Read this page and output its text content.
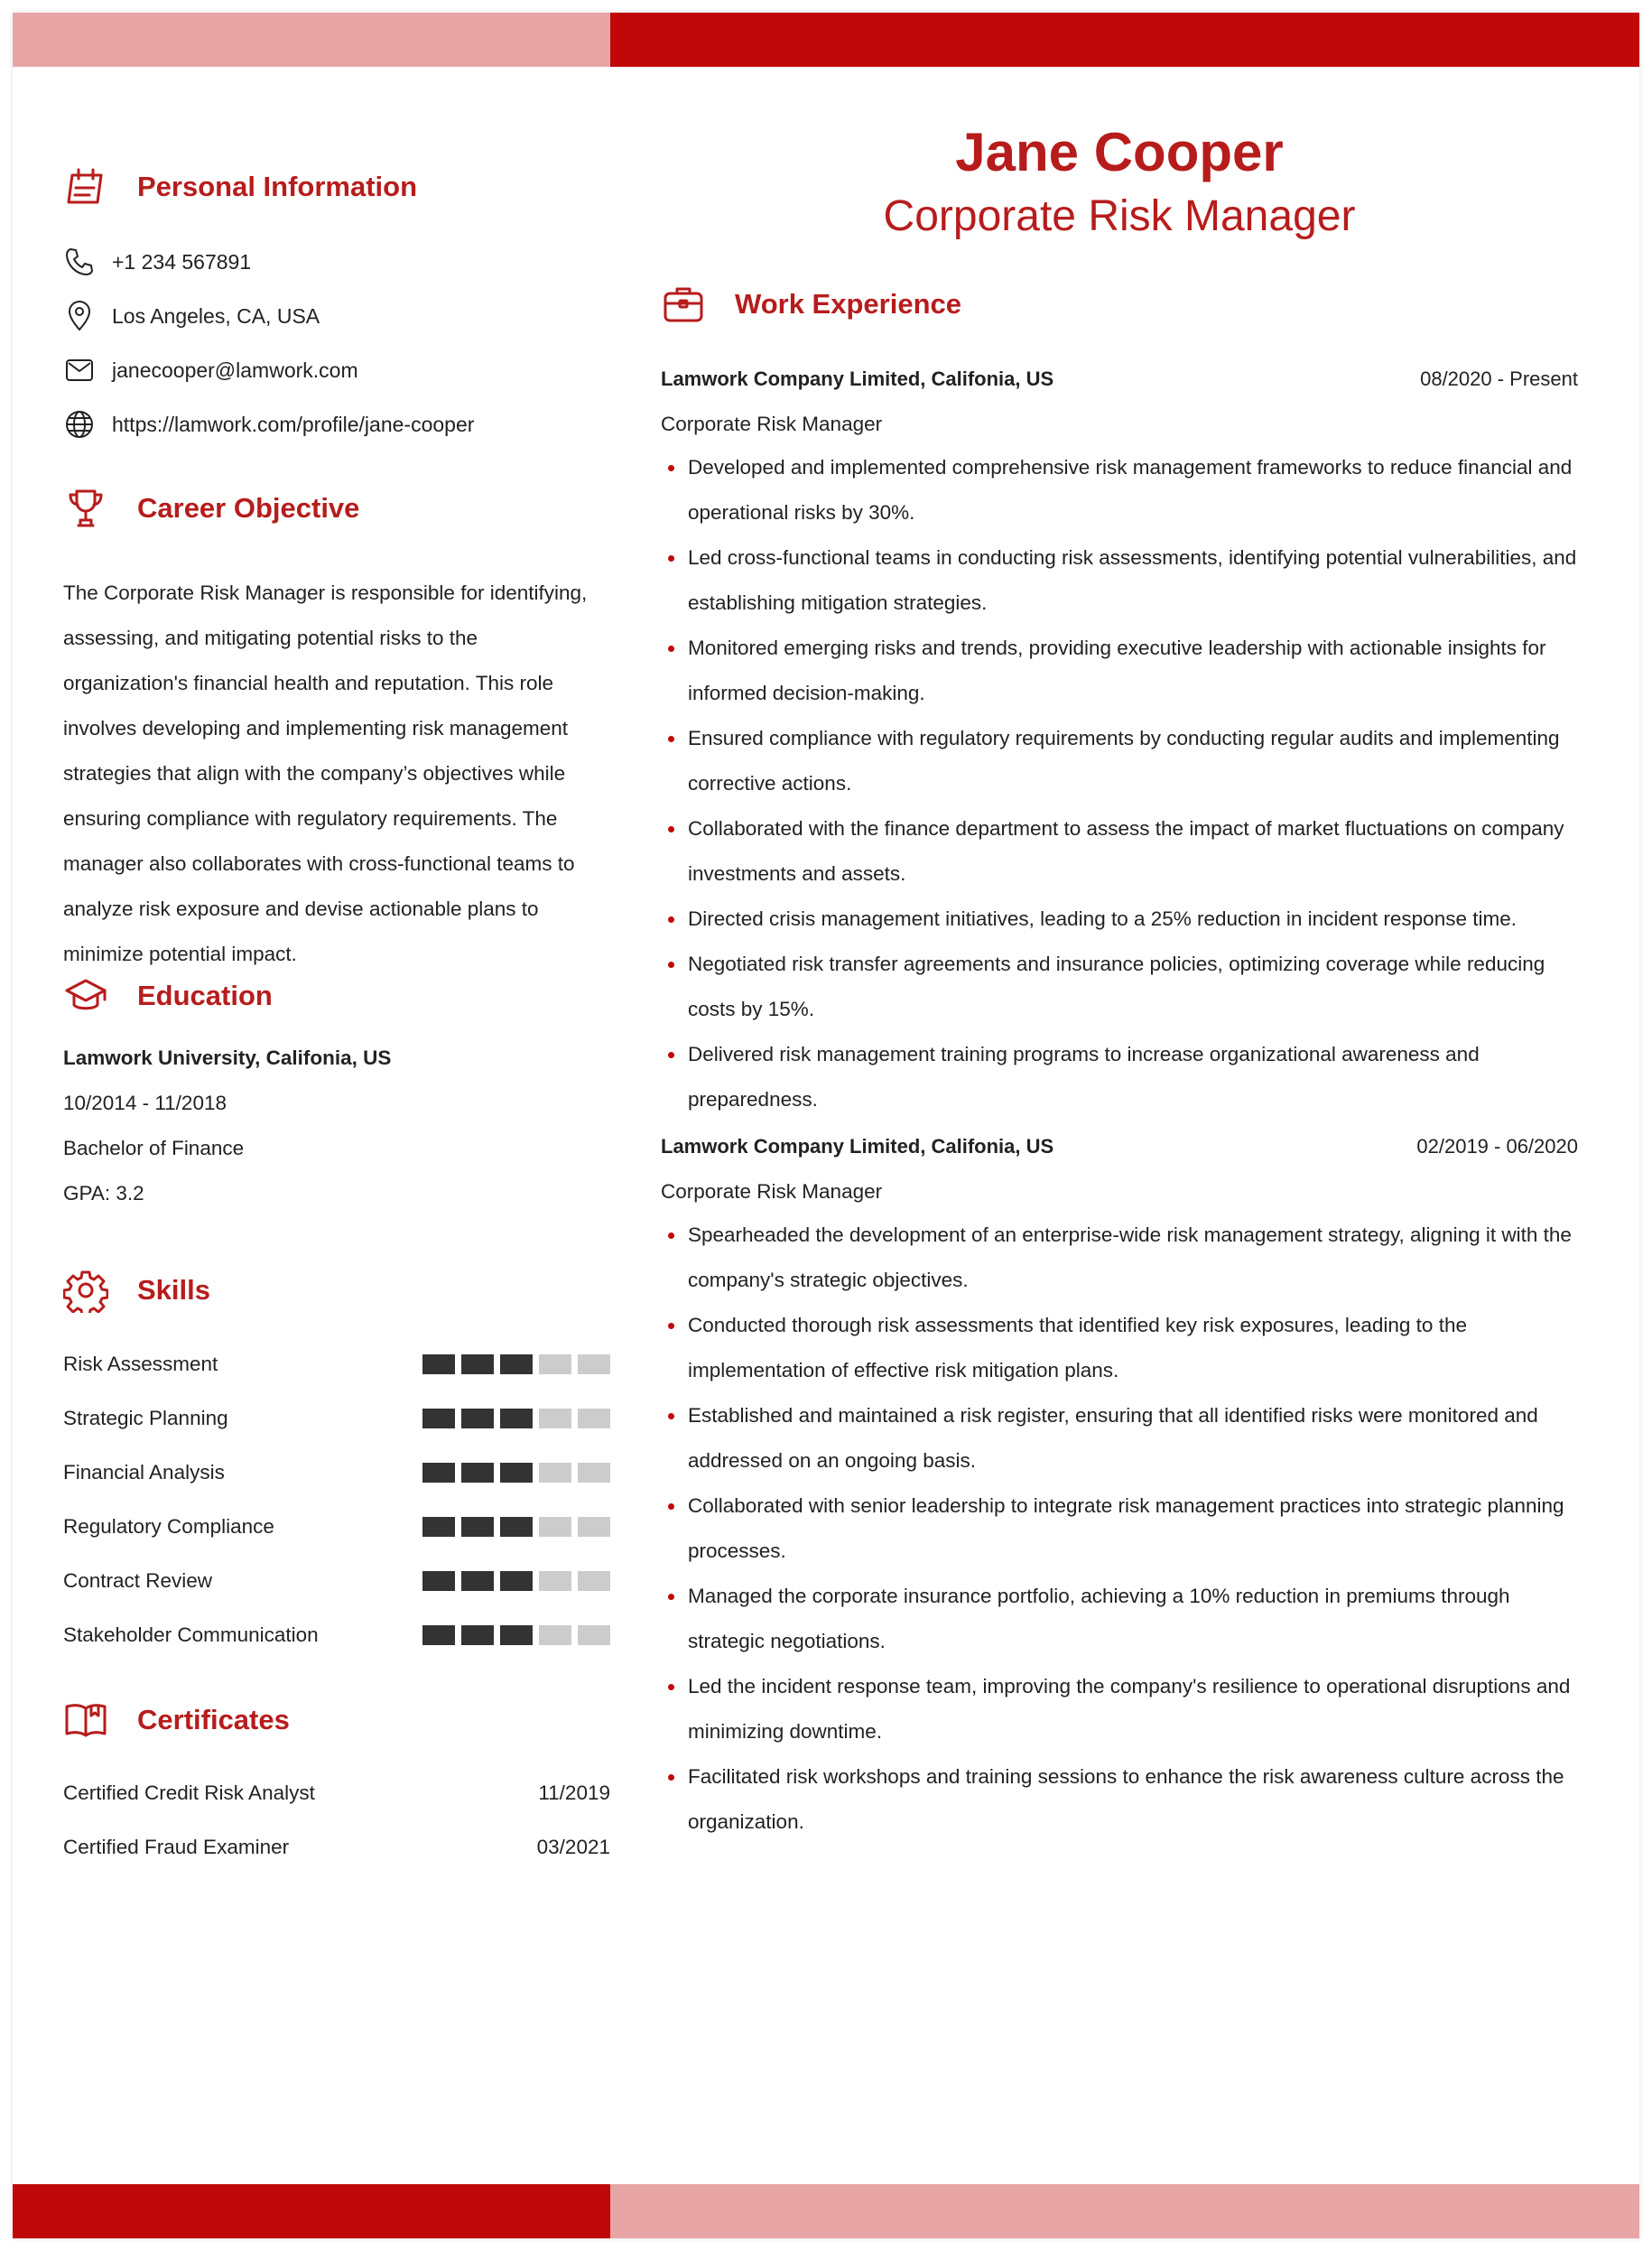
Personal Information
+1 234 567891
Los Angeles, CA, USA
janecooper@lamwork.com
https://lamwork.com/profile/jane-cooper
Career Objective
The Corporate Risk Manager is responsible for identifying, assessing, and mitigating potential risks to the organization's financial health and reputation. This role involves developing and implementing risk management strategies that align with the company’s objectives while ensuring compliance with regulatory requirements. The manager also collaborates with cross-functional teams to analyze risk exposure and devise actionable plans to minimize potential impact.
Education
Lamwork University, Califonia, US
10/2014 - 11/2018
Bachelor of Finance
GPA: 3.2
Skills
Risk Assessment
Strategic Planning
Financial Analysis
Regulatory Compliance
Contract Review
Stakeholder Communication
Certificates
Certified Credit Risk Analyst	11/2019
Certified Fraud Examiner	03/2021
Jane Cooper
Corporate Risk Manager
Work Experience
Lamwork Company Limited, Califonia, US	08/2020 - Present
Corporate Risk Manager
Developed and implemented comprehensive risk management frameworks to reduce financial and operational risks by 30%.
Led cross-functional teams in conducting risk assessments, identifying potential vulnerabilities, and establishing mitigation strategies.
Monitored emerging risks and trends, providing executive leadership with actionable insights for informed decision-making.
Ensured compliance with regulatory requirements by conducting regular audits and implementing corrective actions.
Collaborated with the finance department to assess the impact of market fluctuations on company investments and assets.
Directed crisis management initiatives, leading to a 25% reduction in incident response time.
Negotiated risk transfer agreements and insurance policies, optimizing coverage while reducing costs by 15%.
Delivered risk management training programs to increase organizational awareness and preparedness.
Lamwork Company Limited, Califonia, US	02/2019 - 06/2020
Corporate Risk Manager
Spearheaded the development of an enterprise-wide risk management strategy, aligning it with the company's strategic objectives.
Conducted thorough risk assessments that identified key risk exposures, leading to the implementation of effective risk mitigation plans.
Established and maintained a risk register, ensuring that all identified risks were monitored and addressed on an ongoing basis.
Collaborated with senior leadership to integrate risk management practices into strategic planning processes.
Managed the corporate insurance portfolio, achieving a 10% reduction in premiums through strategic negotiations.
Led the incident response team, improving the company's resilience to operational disruptions and minimizing downtime.
Facilitated risk workshops and training sessions to enhance the risk awareness culture across the organization.
